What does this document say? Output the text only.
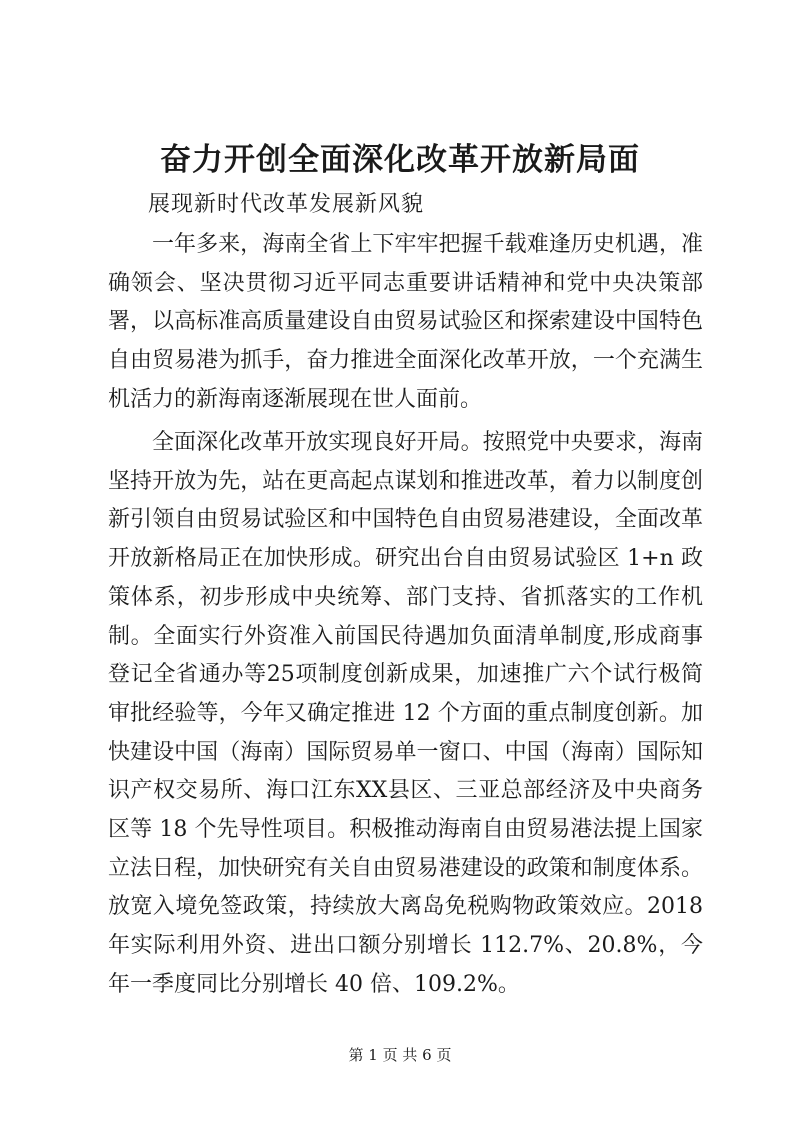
奋力开创全面深化改革开放新局面

展现新时代改革发展新风貌

一年多来，海南全省上下牢牢把握千载难逢历史机遇，准确领会、坚决贯彻习近平同志重要讲话精神和党中央决策部署，以高标准高质量建设自由贸易试验区和探索建设中国特色自由贸易港为抓手，奋力推进全面深化改革开放，一个充满生机活力的新海南逐渐展现在世人面前。

全面深化改革开放实现良好开局。按照党中央要求，海南坚持开放为先，站在更高起点谋划和推进改革，着力以制度创新引领自由贸易试验区和中国特色自由贸易港建设，全面改革开放新格局正在加快形成。研究出台自由贸易试验区 1+n 政策体系，初步形成中央统筹、部门支持、省抓落实的工作机制。全面实行外资准入前国民待遇加负面清单制度,形成商事登记全省通办等25项制度创新成果，加速推广六个试行极简审批经验等，今年又确定推进 12 个方面的重点制度创新。加快建设中国（海南）国际贸易单一窗口、中国（海南）国际知识产权交易所、海口江东XX县区、三亚总部经济及中央商务区等 18 个先导性项目。积极推动海南自由贸易港法提上国家立法日程，加快研究有关自由贸易港建设的政策和制度体系。放宽入境免签政策，持续放大离岛免税购物政策效应。2018 年实际利用外资、进出口额分别增长 112.7%、20.8%，今年一季度同比分别增长 40 倍、109.2%。

第 1 页 共 6 页
